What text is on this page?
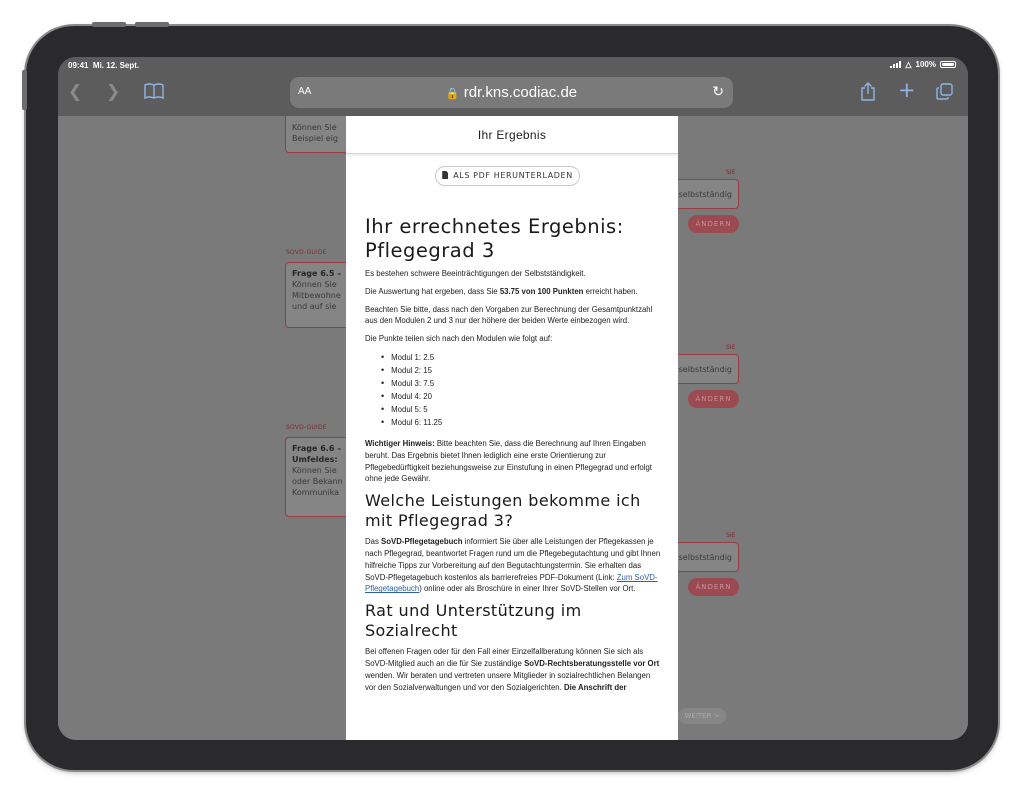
09:41 Mi. 12. Sept.	△ 100%
❮ ❯	AA	🔒 rdr.kns.codiac.de	↻	+
Können Sie
Beispiel eig
SIE
selbstständig
ÄNDERN
SOVD-GUIDE
Frage 6.5 –
Können Sie
Mitbewohne
und auf sie
SIE
selbstständig
ÄNDERN
SOVD-GUIDE
Frage 6.6 – Umfeldes:
Können Sie
oder Bekann
Kommunika
SIE
selbstständig
ÄNDERN
WEITER >
Ihr Ergebnis
ALS PDF HERUNTERLADEN
Ihr errechnetes Ergebnis: Pflegegrad 3

Es bestehen schwere Beeinträchtigungen der Selbstständigkeit.

Die Auswertung hat ergeben, dass Sie 53.75 von 100 Punkten erreicht haben.

Beachten Sie bitte, dass nach den Vorgaben zur Berechnung der Gesamtpunktzahl aus den Modulen 2 und 3 nur der höhere der beiden Werte einbezogen wird.

Die Punkte teilen sich nach den Modulen wie folgt auf:

• Modul 1: 2.5
• Modul 2: 15
• Modul 3: 7.5
• Modul 4: 20
• Modul 5: 5
• Modul 6: 11.25

Wichtiger Hinweis: Bitte beachten Sie, dass die Berechnung auf Ihren Eingaben beruht. Das Ergebnis bietet Ihnen lediglich eine erste Orientierung zur Pflegebedürftigkeit beziehungsweise zur Einstufung in einen Pflegegrad und erfolgt ohne jede Gewähr.

Welche Leistungen bekomme ich mit Pflegegrad 3?

Das SoVD-Pflegetagebuch informiert Sie über alle Leistungen der Pflegekassen je nach Pflegegrad, beantwortet Fragen rund um die Pflegebegutachtung und gibt Ihnen hilfreiche Tipps zur Vorbereitung auf den Begutachtungstermin. Sie erhalten das SoVD-Pflegetagebuch kostenlos als barrierefreies PDF-Dokument (Link: Zum SoVD-Pflegetagebuch) online oder als Broschüre in einer Ihrer SoVD-Stellen vor Ort.

Rat und Unterstützung im Sozialrecht

Bei offenen Fragen oder für den Fall einer Einzelfallberatung können Sie sich als SoVD-Mitglied auch an die für Sie zuständige SoVD-Rechtsberatungsstelle vor Ort wenden. Wir beraten und vertreten unsere Mitglieder in sozialrechtlichen Belangen vor den Sozialverwaltungen und vor den Sozialgerichten. Die Anschrift der
